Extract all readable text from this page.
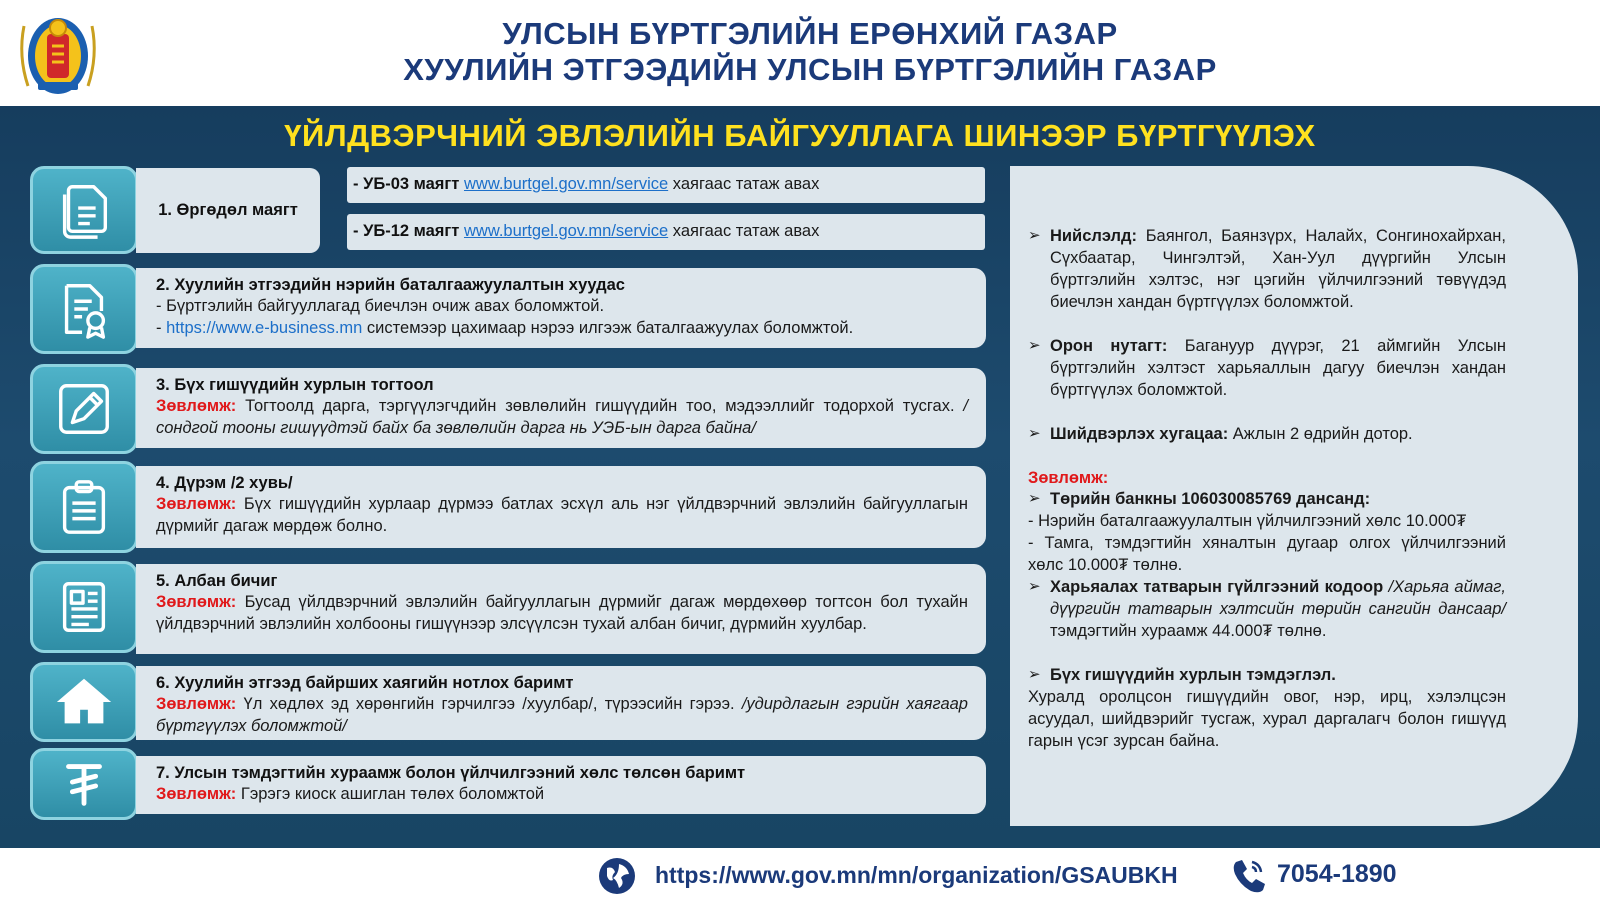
УЛСЫН БҮРТГЭЛИЙН ЕРӨНХИЙ ГАЗАР
ХУУЛИЙН ЭТГЭЭДИЙН УЛСЫН БҮРТГЭЛИЙН ГАЗАР
ҮЙЛДВЭРЧНИЙ ЭВЛЭЛИЙН БАЙГУУЛЛАГА ШИНЭЭР БҮРТГҮҮЛЭХ
1. Өргөдөл маягт
- УБ-03 маягт www.burtgel.gov.mn/service хаягаас татаж авах
- УБ-12 маягт www.burtgel.gov.mn/service хаягаас татаж авах
2. Хуулийн этгээдийн нэрийн баталгаажуулалтын хуудас
- Бүртгэлийн байгууллагад биечлэн очиж авах боломжтой.
- https://www.e-business.mn системээр цахимаар нэрээ илгээж баталгаажуулах боломжтой.
3. Бүх гишүүдийн хурлын тогтоол
Зөвлөмж: Тогтоолд дарга, тэргүүлэгчдийн зөвлөлийн гишүүдийн тоо, мэдээллийг тодорхой тусгах. /сондгой тооны гишүүдтэй байх ба зөвлөлийн дарга нь УЭБ-ын дарга байна/
4. Дүрэм /2 хувь/
Зөвлөмж: Бүх гишүүдийн хурлаар дүрмээ батлах эсхүл аль нэг үйлдвэрчний эвлэлийн байгууллагын дүрмийг дагаж мөрдөж болно.
5. Албан бичиг
Зөвлөмж: Бусад үйлдвэрчний эвлэлийн байгууллагын дүрмийг дагаж мөрдөхөөр тогтсон бол тухайн үйлдвэрчний эвлэлийн холбооны гишүүнээр элсүүлсэн тухай албан бичиг, дүрмийн хуулбар.
6. Хуулийн этгээд байрших хаягийн нотлох баримт
Зөвлөмж: Үл хөдлөх эд хөрөнгийн гэрчилгээ /хуулбар/, түрээсийн гэрээ. /удирдлагын гэрийн хаягаар бүртгүүлэх боломжтой/
7. Улсын тэмдэгтийн хураамж болон үйлчилгээний хөлс төлсөн баримт
Зөвлөмж: Гэрэгэ киоск ашиглан төлөх боломжтой
➢ Нийслэлд: Баянгол, Баянзүрх, Налайх, Сонгинохайрхан, Сүхбаатар, Чингэлтэй, Хан-Уул дүүргийн Улсын бүртгэлийн хэлтэс, нэг цэгийн үйлчилгээний төвүүдэд биечлэн хандан бүртгүүлэх боломжтой.
➢ Орон нутагт: Багануур дүүрэг, 21 аймгийн Улсын бүртгэлийн хэлтэст харьяаллын дагуу биечлэн хандан бүртгүүлэх боломжтой.
➢ Шийдвэрлэх хугацаа: Ажлын 2 өдрийн дотор.
Зөвлөмж:
➢ Төрийн банкны 106030085769 дансанд:
- Нэрийн баталгаажуулалтын үйлчилгээний хөлс 10.000₮
- Тамга, тэмдэгтийн хяналтын дугаар олгох үйлчилгээний хөлс 10.000₮ төлнө.
➢ Харьяалах татварын гүйлгээний кодоор /Харьяа аймаг, дүүргийн татварын хэлтсийн төрийн сангийн дансаар/ тэмдэгтийн хураамж 44.000₮ төлнө.
➢ Бүх гишүүдийн хурлын тэмдэглэл.
Хуралд оролцсон гишүүдийн овог, нэр, ирц, хэлэлцсэн асуудал, шийдвэрийг тусгаж, хурал даргалагч болон гишүүд гарын үсэг зурсан байна.
https://www.gov.mn/mn/organization/GSAUBKH	7054-1890
